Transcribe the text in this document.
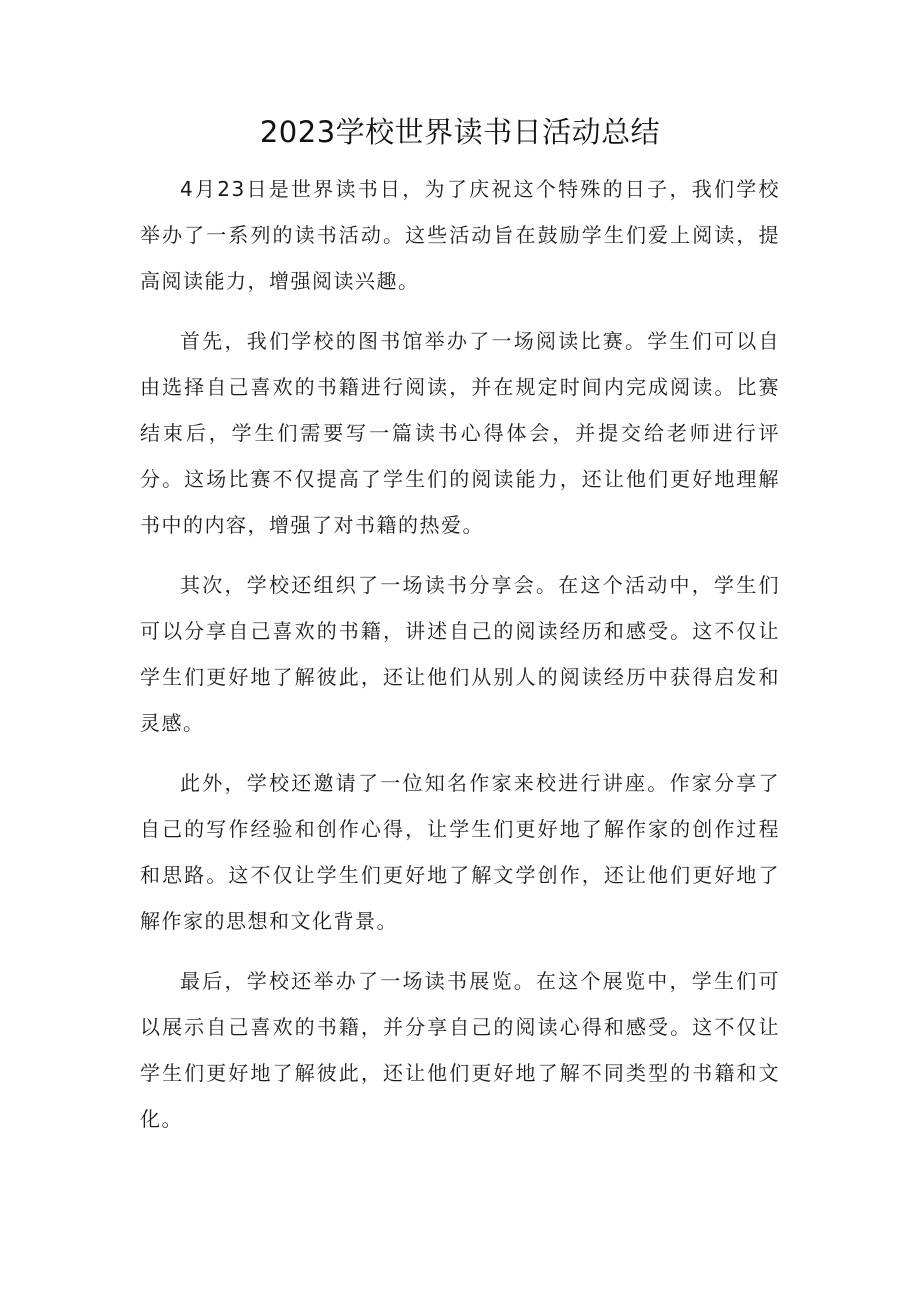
2023学校世界读书日活动总结

4月23日是世界读书日，为了庆祝这个特殊的日子，我们学校举办了一系列的读书活动。这些活动旨在鼓励学生们爱上阅读，提高阅读能力，增强阅读兴趣。

首先，我们学校的图书馆举办了一场阅读比赛。学生们可以自由选择自己喜欢的书籍进行阅读，并在规定时间内完成阅读。比赛结束后，学生们需要写一篇读书心得体会，并提交给老师进行评分。这场比赛不仅提高了学生们的阅读能力，还让他们更好地理解书中的内容，增强了对书籍的热爱。

其次，学校还组织了一场读书分享会。在这个活动中，学生们可以分享自己喜欢的书籍，讲述自己的阅读经历和感受。这不仅让学生们更好地了解彼此，还让他们从别人的阅读经历中获得启发和灵感。

此外，学校还邀请了一位知名作家来校进行讲座。作家分享了自己的写作经验和创作心得，让学生们更好地了解作家的创作过程和思路。这不仅让学生们更好地了解文学创作，还让他们更好地了解作家的思想和文化背景。

最后，学校还举办了一场读书展览。在这个展览中，学生们可以展示自己喜欢的书籍，并分享自己的阅读心得和感受。这不仅让学生们更好地了解彼此，还让他们更好地了解不同类型的书籍和文化。
